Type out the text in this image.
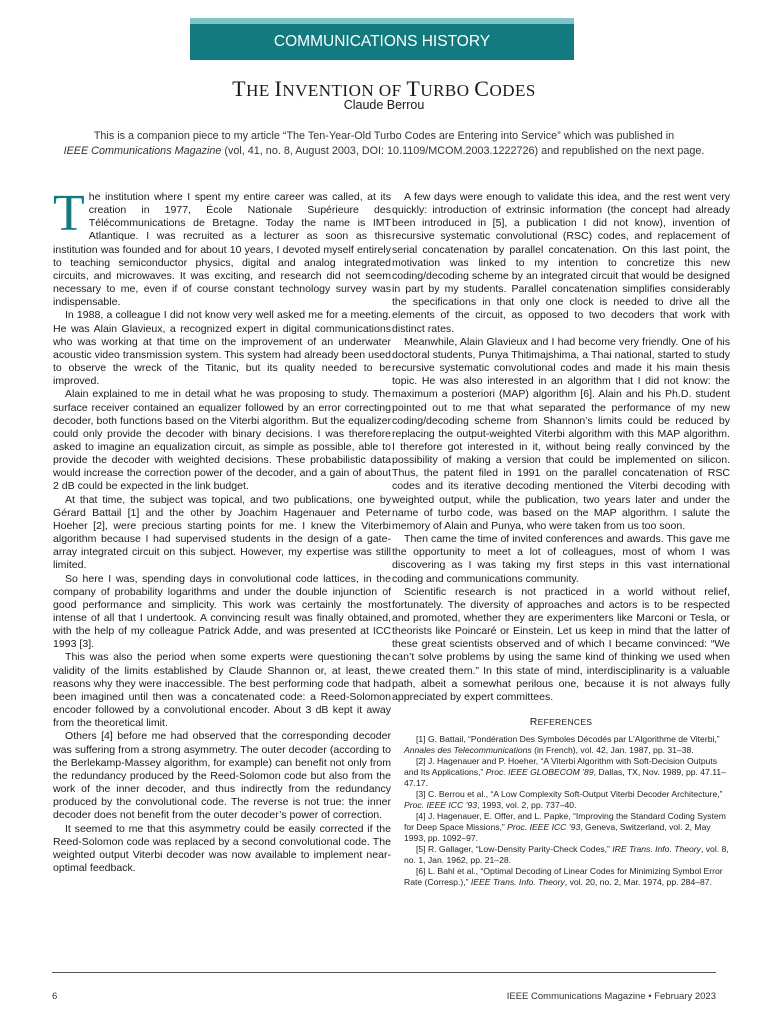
COMMUNICATIONS HISTORY
THE INVENTION OF TURBO CODES
Claude Berrou
This is a companion piece to my article “The Ten-Year-Old Turbo Codes are Entering into Service” which was published in
IEEE Communications Magazine (vol, 41, no. 8, August 2003, DOI: 10.1109/MCOM.2003.1222726) and republished on the next page.

The institution where I spent my entire career was called, at its creation in 1977, École Nationale Supérieure des Télécommunications de Bretagne. Today the name is IMT Atlantique. I was recruited as a lecturer as soon as this institution was founded and for about 10 years, I devoted myself entirely to teaching semiconductor physics, digital and analog integrated circuits, and microwaves. It was exciting, and research did not seem necessary to me, even if of course constant technology survey was indispensable.

In 1988, a colleague I did not know very well asked me for a meeting. He was Alain Glavieux, a recognized expert in digital communications who was working at that time on the improvement of an underwater acoustic video transmission system. This system had already been used to observe the wreck of the Titanic, but its quality needed to be improved.

Alain explained to me in detail what he was proposing to study. The surface receiver contained an equalizer followed by an error correcting decoder, both functions based on the Viterbi algorithm. But the equalizer could only provide the decoder with binary decisions. I was therefore asked to imagine an equalization circuit, as simple as possible, able to provide the decoder with weighted decisions. These probabilistic data would increase the correction power of the decoder, and a gain of about 2 dB could be expected in the link budget.

At that time, the subject was topical, and two publications, one by Gérard Battail [1] and the other by Joachim Hagenauer and Peter Hoeher [2], were precious starting points for me. I knew the Viterbi algorithm because I had supervised students in the design of a gate-array integrated circuit on this subject. However, my expertise was still limited.

So here I was, spending days in convolutional code lattices, in the company of probability logarithms and under the double injunction of good performance and simplicity. This work was certainly the most intense of all that I undertook. A convincing result was finally obtained, with the help of my colleague Patrick Adde, and was presented at ICC 1993 [3].

This was also the period when some experts were questioning the validity of the limits established by Claude Shannon or, at least, the reasons why they were inaccessible. The best performing code that had been imagined until then was a concatenated code: a Reed-Solomon encoder followed by a convolutional encoder. About 3 dB kept it away from the theoretical limit.

Others [4] before me had observed that the corresponding decoder was suffering from a strong asymmetry. The outer decoder (according to the Berlekamp-Massey algorithm, for example) can benefit not only from the redundancy produced by the Reed-Solomon code but also from the work of the inner decoder, and thus indirectly from the redundancy produced by the convolutional code. The reverse is not true: the inner decoder does not benefit from the outer decoder’s power of correction.

It seemed to me that this asymmetry could be easily corrected if the Reed-Solomon code was replaced by a second convolutional code. The weighted output Viterbi decoder was now available to implement near-optimal feedback.

A few days were enough to validate this idea, and the rest went very quickly: introduction of extrinsic information (the concept had already been introduced in [5], a publication I did not know), invention of recursive systematic convolutional (RSC) codes, and replacement of serial concatenation by parallel concatenation. On this last point, the motivation was linked to my intention to concretize this new coding/decoding scheme by an integrated circuit that would be designed in part by my students. Parallel concatenation simplifies considerably the specifications in that only one clock is needed to drive all the elements of the circuit, as opposed to two decoders that work with distinct rates.

Meanwhile, Alain Glavieux and I had become very friendly. One of his doctoral students, Punya Thitimajshima, a Thai national, started to study recursive systematic convolutional codes and made it his main thesis topic. He was also interested in an algorithm that I did not know: the maximum a posteriori (MAP) algorithm [6]. Alain and his Ph.D. student pointed out to me that what separated the performance of my new coding/decoding scheme from Shannon’s limits could be reduced by replacing the output-weighted Viterbi algorithm with this MAP algorithm. I therefore got interested in it, without being really convinced by the possibility of making a version that could be implemented on silicon. Thus, the patent filed in 1991 on the parallel concatenation of RSC codes and its iterative decoding mentioned the Viterbi decoding with weighted output, while the publication, two years later and under the name of turbo code, was based on the MAP algorithm. I salute the memory of Alain and Punya, who were taken from us too soon.

Then came the time of invited conferences and awards. This gave me the opportunity to meet a lot of colleagues, most of whom I was discovering as I was taking my first steps in this vast international coding and communications community.

Scientific research is not practiced in a world without relief, fortunately. The diversity of approaches and actors is to be respected and promoted, whether they are experimenters like Marconi or Tesla, or theorists like Poincaré or Einstein. Let us keep in mind that the latter of these great scientists observed and of which I became convinced: “We can’t solve problems by using the same kind of thinking we used when we created them.” In this state of mind, interdisciplinarity is a valuable path, albeit a somewhat perilous one, because it is not always fully appreciated by expert committees.

REFERENCES

[1] G. Battail, “Pondération Des Symboles Décodés par L’Algorithme de Viterbi,” Annales des Telecommunications (in French), vol. 42, Jan. 1987, pp. 31–38.

[2] J. Hagenauer and P. Hoeher, “A Viterbi Algorithm with Soft-Decision Outputs and Its Applications,” Proc. IEEE GLOBECOM ’89, Dallas, TX, Nov. 1989, pp. 47.11–47.17.

[3] C. Berrou et al., “A Low Complexity Soft-Output Viterbi Decoder Architecture,” Proc. IEEE ICC ’93, 1993, vol. 2, pp. 737–40.

[4] J. Hagenauer, E. Offer, and L. Papke, “Improving the Standard Coding System for Deep Space Missions,” Proc. IEEE ICC ’93, Geneva, Switzerland, vol. 2, May 1993, pp. 1092–97.

[5] R. Gallager, “Low-Density Parity-Check Codes,” IRE Trans. Info. Theory, vol. 8, no. 1, Jan. 1962, pp. 21–28.

[6] L. Bahl et al., “Optimal Decoding of Linear Codes for Minimizing Symbol Error Rate (Corresp.),” IEEE Trans. Info. Theory, vol. 20, no. 2, Mar. 1974, pp. 284–87.

6	IEEE Communications Magazine • February 2023
